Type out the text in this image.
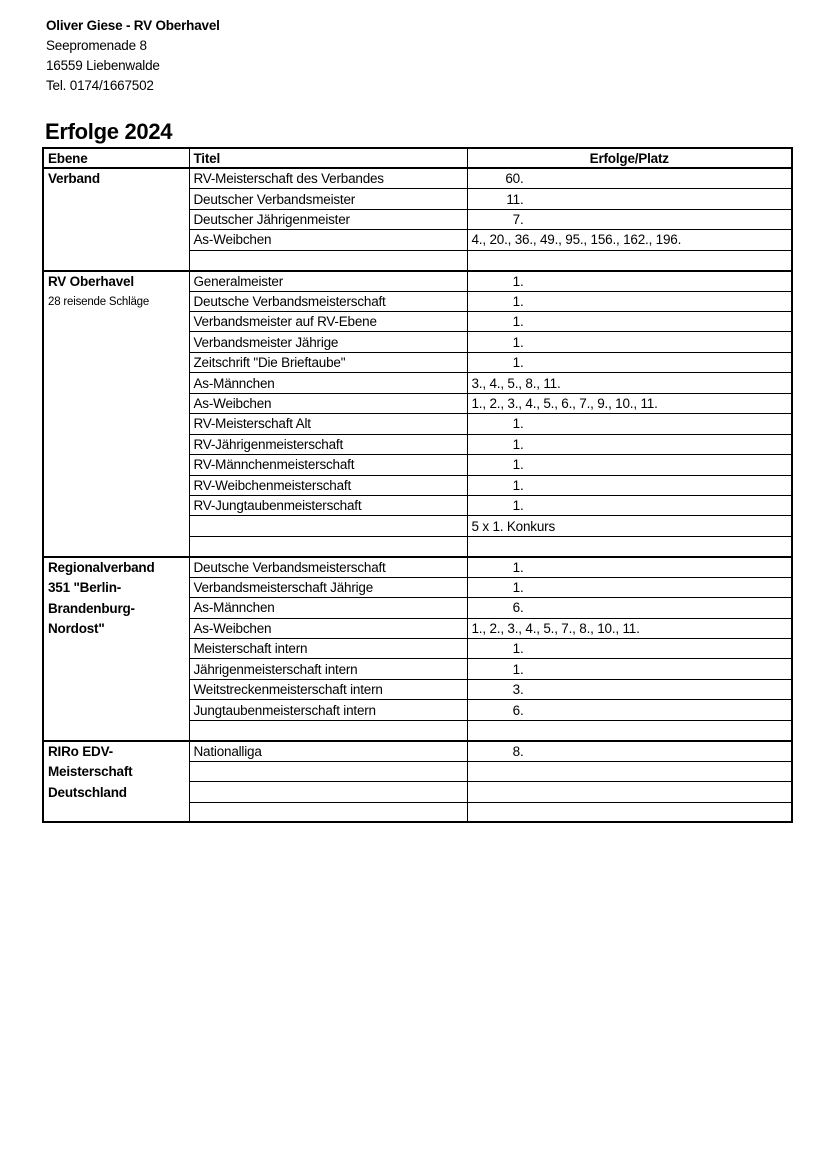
Oliver Giese - RV Oberhavel
Seepromenade 8
16559 Liebenwalde
Tel. 0174/1667502
Erfolge 2024
Ebene	Titel	Erfolge/Platz

Verband	RV-Meisterschaft des Verbandes	60.
	Deutscher Verbandsmeister	11.
	Deutscher Jährigenmeister	7.
	As-Weibchen	4., 20., 36., 49., 95., 156., 162., 196.

RV Oberhavel
28 reisende Schläge	Generalmeister	1.
	Deutsche Verbandsmeisterschaft	1.
	Verbandsmeister auf RV-Ebene	1.
	Verbandsmeister Jährige	1.
	Zeitschrift "Die Brieftaube"	1.
	As-Männchen	3., 4., 5., 8., 11.
	As-Weibchen	1., 2., 3., 4., 5., 6., 7., 9., 10., 11.
	RV-Meisterschaft Alt	1.
	RV-Jährigenmeisterschaft	1.
	RV-Männchenmeisterschaft	1.
	RV-Weibchenmeisterschaft	1.
	RV-Jungtaubenmeisterschaft	1.
		5 x 1. Konkurs

Regionalverband
351 "Berlin-
Brandenburg-
Nordost"	Deutsche Verbandsmeisterschaft	1.
	Verbandsmeisterschaft Jährige	1.
	As-Männchen	6.
	As-Weibchen	1., 2., 3., 4., 5., 7., 8., 10., 11.
	Meisterschaft intern	1.
	Jährigenmeisterschaft intern	1.
	Weitstreckenmeisterschaft intern	3.
	Jungtaubenmeisterschaft intern	6.

RIRo EDV-
Meisterschaft
Deutschland	Nationalliga	8.
